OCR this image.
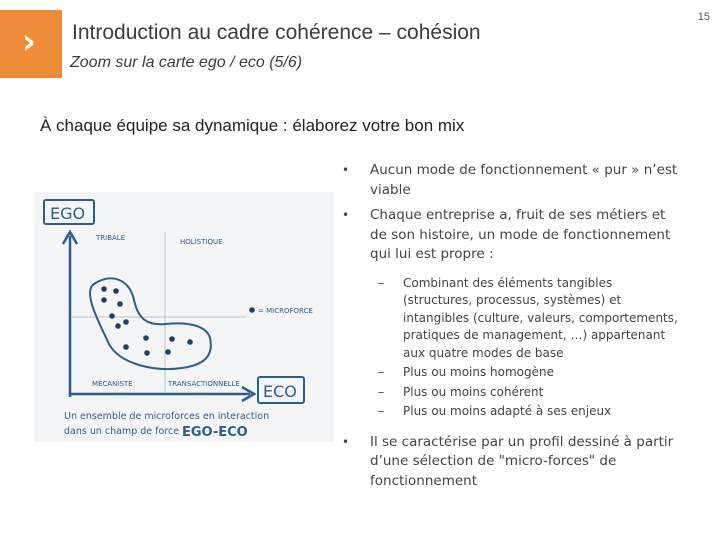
› Introduction au cadre cohérence – cohésion
Zoom sur la carte ego / eco (5/6)
15
À chaque équipe sa dynamique : élaborez votre bon mix
• Aucun mode de fonctionnement « pur » n’est viable
• Chaque entreprise a, fruit de ses métiers et de son histoire, un mode de fonctionnement qui lui est propre :
– Combinant des éléments tangibles (structures, processus, systèmes) et intangibles (culture, valeurs, comportements, pratiques de management, …) appartenant aux quatre modes de base
– Plus ou moins homogène
– Plus ou moins cohérent
– Plus ou moins adapté à ses enjeux
• Il se caractérise par un profil dessiné à partir d’une sélection de "micro-forces" de fonctionnement
EGO
ECO
TRIBALE	HOLISTIQUE
MÉCANISTE	TRANSACTIONNELLE
= MICROFORCE
Un ensemble de microforces en interaction
dans un champ de force EGO-ECO
